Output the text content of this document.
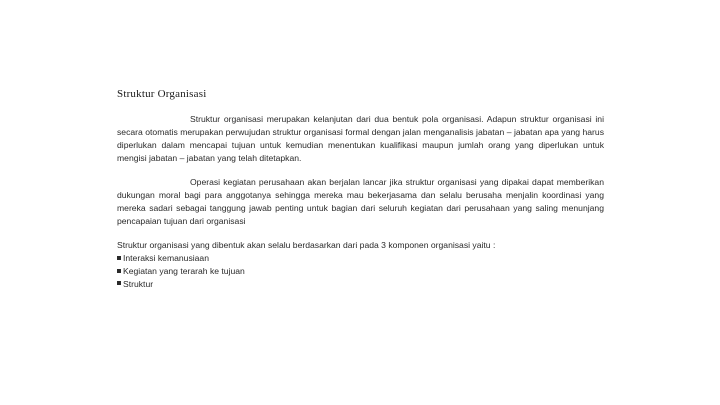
Struktur Organisasi

Struktur organisasi merupakan kelanjutan dari dua bentuk pola organisasi. Adapun struktur organisasi ini secara otomatis merupakan perwujudan struktur organisasi formal dengan jalan menganalisis jabatan – jabatan apa yang harus diperlukan dalam mencapai tujuan untuk kemudian menentukan kualifikasi maupun jumlah orang yang diperlukan untuk mengisi jabatan – jabatan yang telah ditetapkan.

Operasi kegiatan perusahaan akan berjalan lancar jika struktur organisasi yang dipakai dapat memberikan dukungan moral bagi para anggotanya sehingga mereka mau bekerjasama dan selalu berusaha menjalin koordinasi yang mereka sadari sebagai tanggung jawab penting untuk bagian dari seluruh kegiatan dari perusahaan yang saling menunjang pencapaian tujuan dari organisasi

Struktur organisasi yang dibentuk akan selalu berdasarkan dari pada 3 komponen organisasi yaitu :
Interaksi kemanusiaan
Kegiatan yang terarah ke tujuan
Struktur
